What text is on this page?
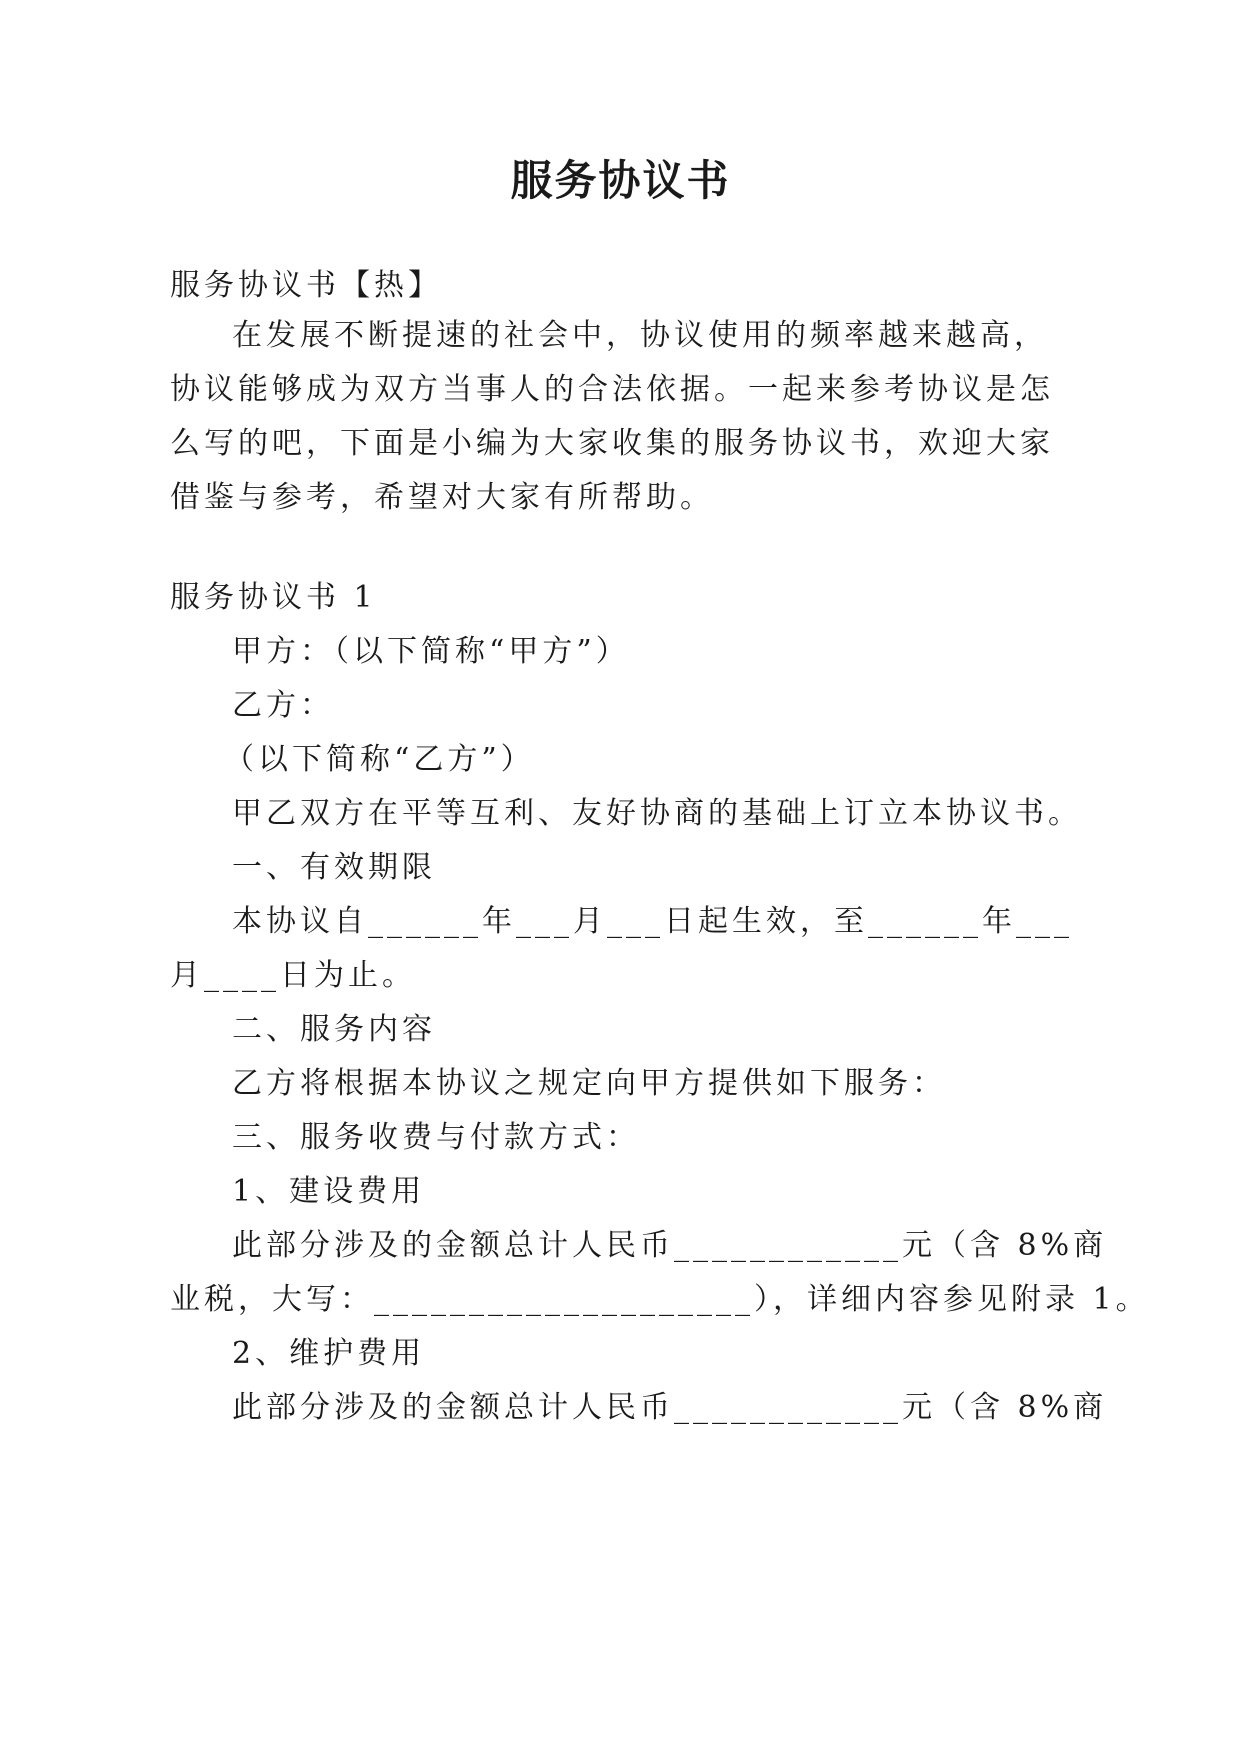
服务协议书
服务协议书【热】
在发展不断提速的社会中，协议使用的频率越来越高，
协议能够成为双方当事人的合法依据。一起来参考协议是怎
么写的吧，下面是小编为大家收集的服务协议书，欢迎大家
借鉴与参考，希望对大家有所帮助。
服务协议书 1
甲方：（以下简称“甲方”）
乙方：
（以下简称“乙方”）
甲乙双方在平等互利、友好协商的基础上订立本协议书。
一、有效期限
本协议自______年___月___日起生效，至______年___
月____日为止。
二、服务内容
乙方将根据本协议之规定向甲方提供如下服务：
三、服务收费与付款方式：
1、建设费用
此部分涉及的金额总计人民币____________元（含 8%商
业税，大写：____________________），详细内容参见附录 1。
2、维护费用
此部分涉及的金额总计人民币____________元（含 8%商
